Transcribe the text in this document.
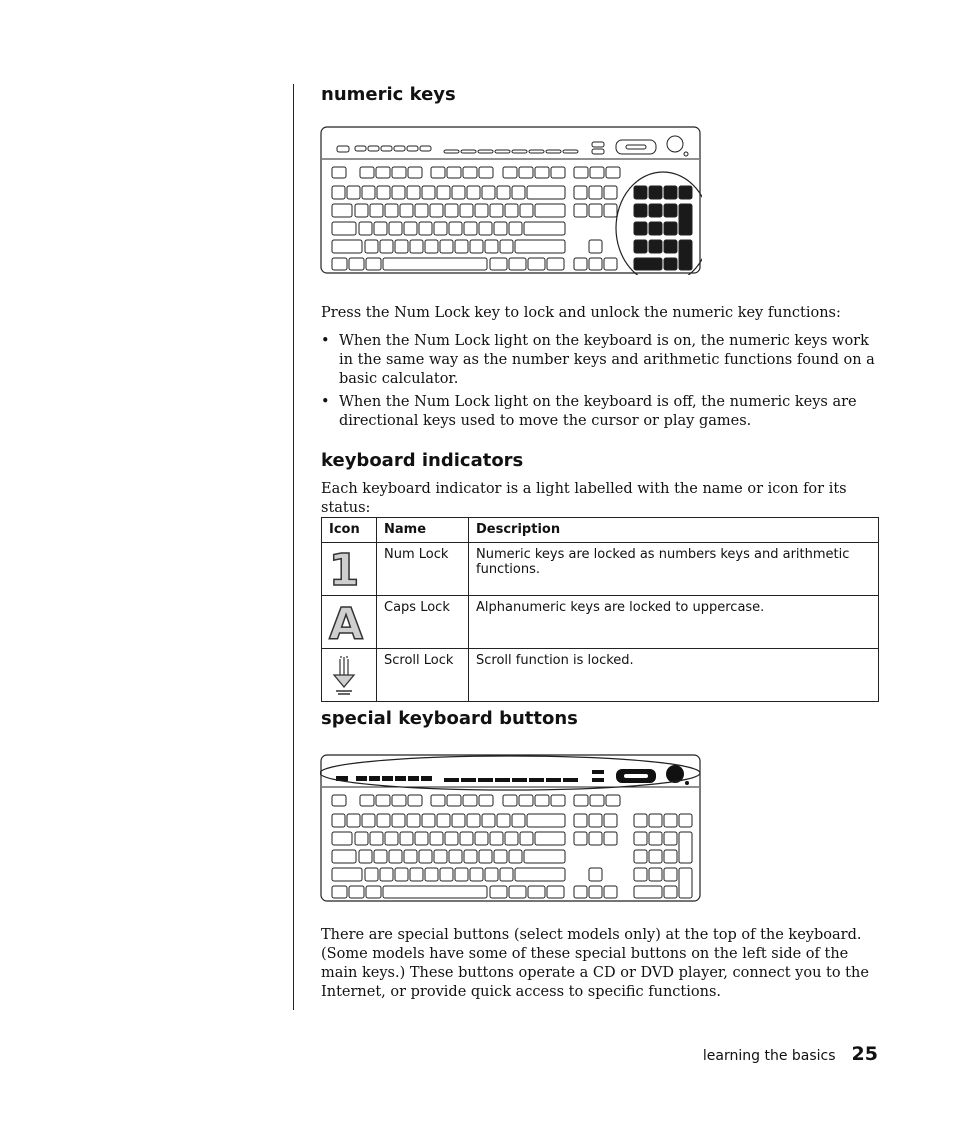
numeric keys

Press the Num Lock key to lock and unlock the numeric key functions:

• When the Num Lock light on the keyboard is on, the numeric keys work in the same way as the number keys and arithmetic functions found on a basic calculator.
• When the Num Lock light on the keyboard is off, the numeric keys are directional keys used to move the cursor or play games.
keyboard indicators

Each keyboard indicator is a light labelled with the name or icon for its status:

Icon	Name	Description

1	Num Lock	Numeric keys are locked as numbers keys and arithmetic functions.

A	Caps Lock	Alphanumeric keys are locked to uppercase.
	Scroll Lock	Scroll function is locked.
special keyboard buttons

There are special buttons (select models only) at the top of the keyboard. (Some models have some of these special buttons on the left side of the main keys.) These buttons operate a CD or DVD player, connect you to the Internet, or provide quick access to specific functions.

learning the basics 25
